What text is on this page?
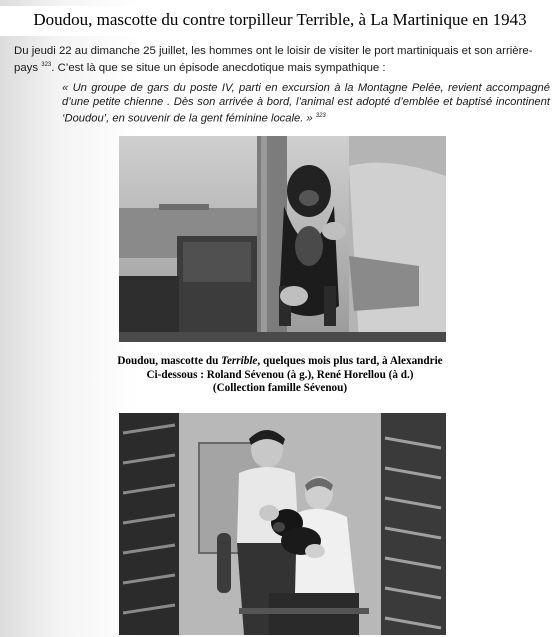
Doudou, mascotte du contre torpilleur Terrible, à La Martinique en 1943
Du jeudi 22 au dimanche 25 juillet, les hommes ont le loisir de visiter le port martiniquais et son arrière-pays $^{323}$. C’est là que se situe un épisode anecdotique mais sympathique :
« Un groupe de gars du poste IV, parti en excursion à la Montagne Pelée, revient accompagné d’une petite chienne . Dès son arrivée à bord, l’animal est adopté d’emblée et baptisé incontinent ‘Doudou’, en souvenir de la gent féminine locale. » $^{323}$
Doudou, mascotte du Terrible, quelques mois plus tard, à Alexandrie
Ci-dessous : Roland Sévenou (à g.), René Horellou (à d.)
(Collection famille Sévenou)
